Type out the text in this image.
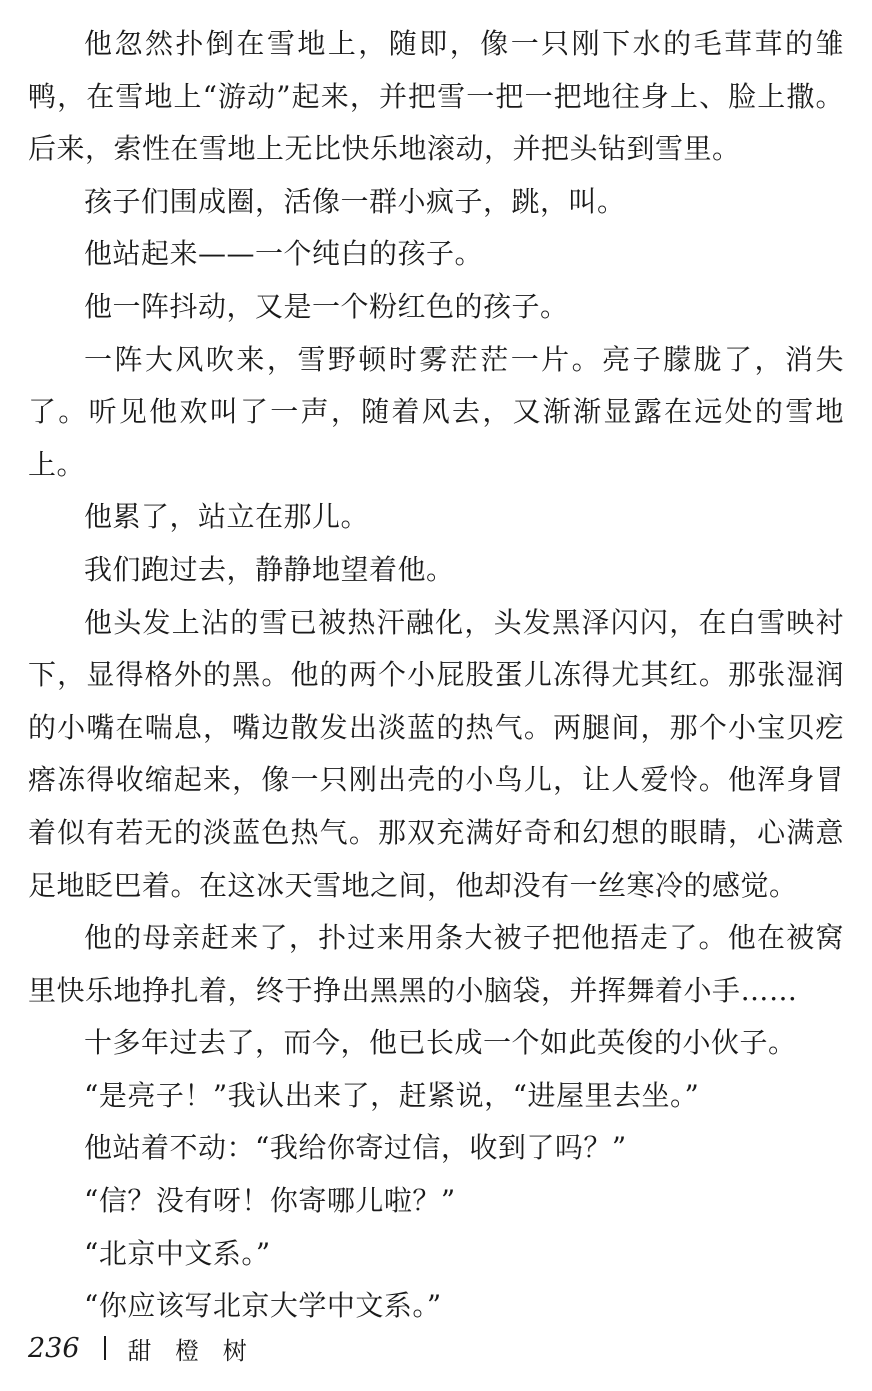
他忽然扑倒在雪地上，随即，像一只刚下水的毛茸茸的雏鸭，在雪地上“游动”起来，并把雪一把一把地往身上、脸上撒。后来，索性在雪地上无比快乐地滚动，并把头钻到雪里。

孩子们围成圈，活像一群小疯子，跳，叫。

他站起来——一个纯白的孩子。

他一阵抖动，又是一个粉红色的孩子。

一阵大风吹来，雪野顿时雾茫茫一片。亮子朦胧了，消失了。听见他欢叫了一声，随着风去，又渐渐显露在远处的雪地上。

他累了，站立在那儿。

我们跑过去，静静地望着他。

他头发上沾的雪已被热汗融化，头发黑泽闪闪，在白雪映衬下，显得格外的黑。他的两个小屁股蛋儿冻得尤其红。那张湿润的小嘴在喘息，嘴边散发出淡蓝的热气。两腿间，那个小宝贝疙瘩冻得收缩起来，像一只刚出壳的小鸟儿，让人爱怜。他浑身冒着似有若无的淡蓝色热气。那双充满好奇和幻想的眼睛，心满意足地眨巴着。在这冰天雪地之间，他却没有一丝寒冷的感觉。

他的母亲赶来了，扑过来用条大被子把他捂走了。他在被窝里快乐地挣扎着，终于挣出黑黑的小脑袋，并挥舞着小手……

十多年过去了，而今，他已长成一个如此英俊的小伙子。

“是亮子！”我认出来了，赶紧说，“进屋里去坐。”

他站着不动：“我给你寄过信，收到了吗？”

“信？没有呀！你寄哪儿啦？”

“北京中文系。”

“你应该写北京大学中文系。”

236 甜 橙 树
